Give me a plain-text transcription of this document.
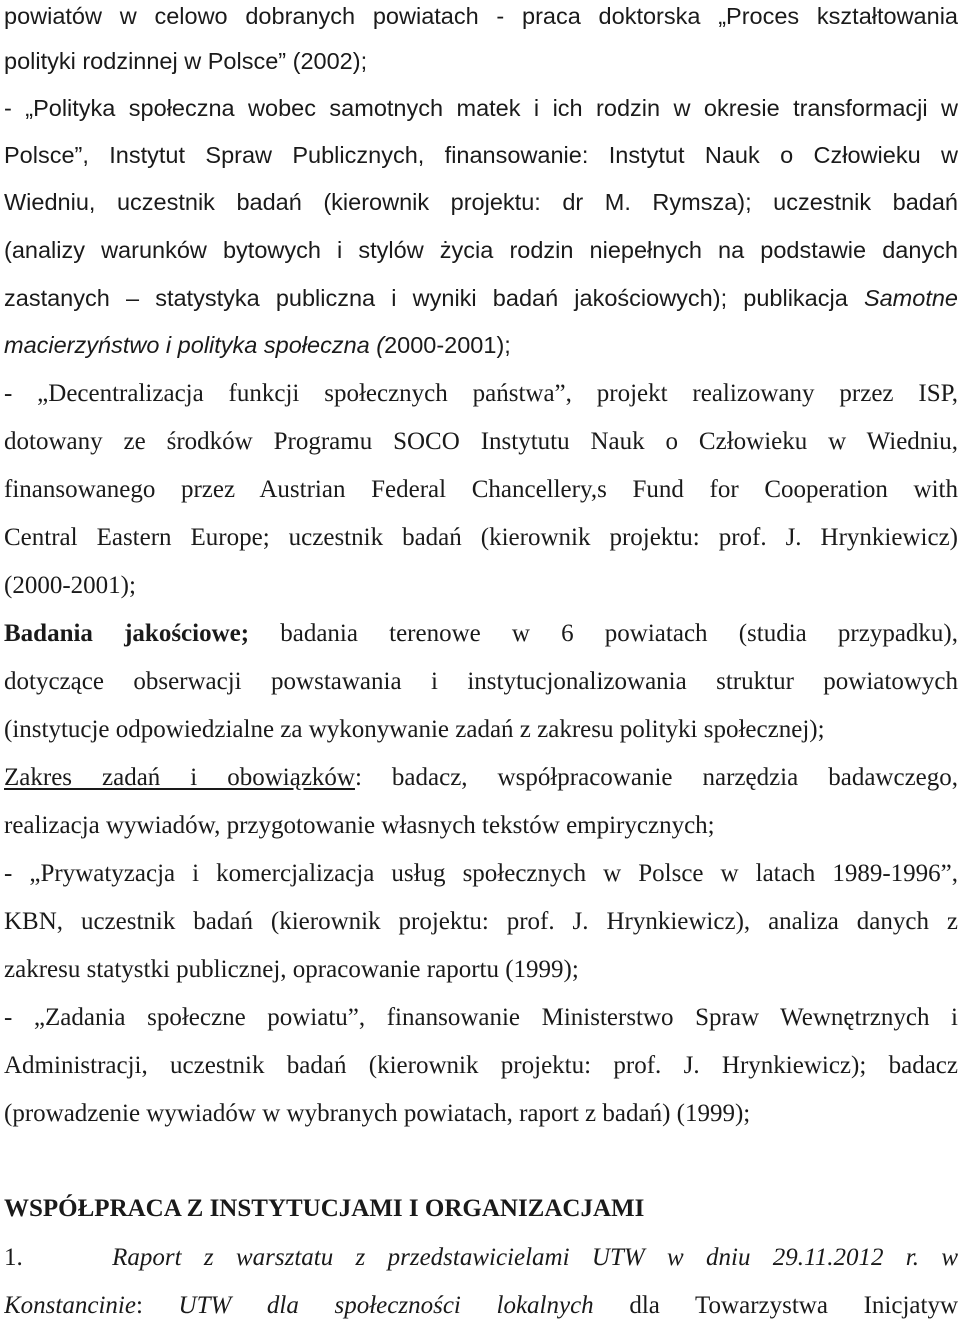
powiatów w celowo dobranych powiatach - praca doktorska „Proces kształtowania
polityki rodzinnej w Polsce” (2002);
- „Polityka społeczna wobec samotnych matek i ich rodzin w okresie transformacji w
Polsce”, Instytut Spraw Publicznych, finansowanie: Instytut Nauk o Człowieku w
Wiedniu, uczestnik badań (kierownik projektu: dr M. Rymsza); uczestnik badań
(analizy warunków bytowych i stylów życia rodzin niepełnych na podstawie danych
zastanych – statystyka publiczna i wyniki badań jakościowych); publikacja Samotne
macierzyństwo i polityka społeczna (2000-2001);
- „Decentralizacja funkcji społecznych państwa”, projekt realizowany przez ISP,
dotowany ze środków Programu SOCO Instytutu Nauk o Człowieku w Wiedniu,
finansowanego przez Austrian Federal Chancellery,s Fund for Cooperation with
Central Eastern Europe; uczestnik badań (kierownik projektu: prof. J. Hrynkiewicz)
(2000-2001);
Badania jakościowe; badania terenowe w 6 powiatach (studia przypadku),
dotyczące obserwacji powstawania i instytucjonalizowania struktur powiatowych
(instytucje odpowiedzialne za wykonywanie zadań z zakresu polityki społecznej);
Zakres zadań i obowiązków: badacz, współpracowanie narzędzia badawczego,
realizacja wywiadów, przygotowanie własnych tekstów empirycznych;
- „Prywatyzacja i komercjalizacja usług społecznych w Polsce w latach 1989-1996”,
KBN, uczestnik badań (kierownik projektu: prof. J. Hrynkiewicz), analiza danych z
zakresu statystki publicznej, opracowanie raportu (1999);
- „Zadania społeczne powiatu”, finansowanie Ministerstwo Spraw Wewnętrznych i
Administracji, uczestnik badań (kierownik projektu: prof. J. Hrynkiewicz); badacz
(prowadzenie wywiadów w wybranych powiatach, raport z badań) (1999);
WSPÓŁPRACA Z INSTYTUCJAMI I ORGANIZACJAMI
1.	Raport z warsztatu z przedstawicielami UTW w dniu 29.11.2012 r. w
Konstancinie: UTW dla społeczności lokalnych dla Towarzystwa Inicjatyw
